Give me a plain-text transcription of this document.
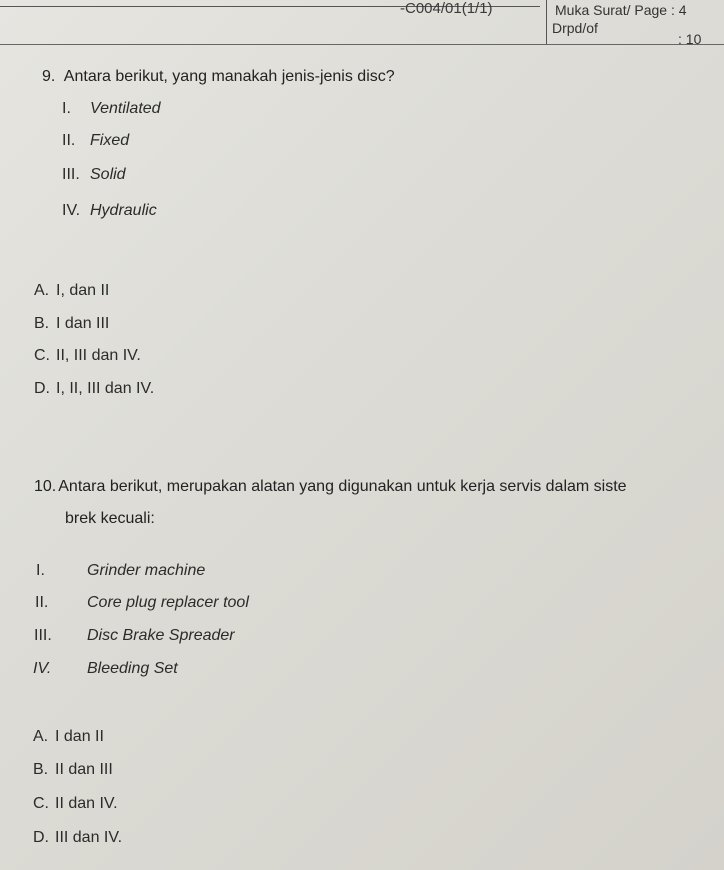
-C004/01(1/1)	Muka Surat/ Page : 4
Drpd/of
: 10
9. Antara berikut, yang manakah jenis-jenis disc?
I. Ventilated
II. Fixed
III. Solid
IV. Hydraulic
A. I, dan II
B. I dan III
C. II, III dan IV.
D. I, II, III dan IV.
10. Antara berikut, merupakan alatan yang digunakan untuk kerja servis dalam siste
brek kecuali:
I.	Grinder machine
II. Core plug replacer tool
III. Disc Brake Spreader
IV. Bleeding Set
A. I dan II
B. II dan III
C. II dan IV.
D. III dan IV.
